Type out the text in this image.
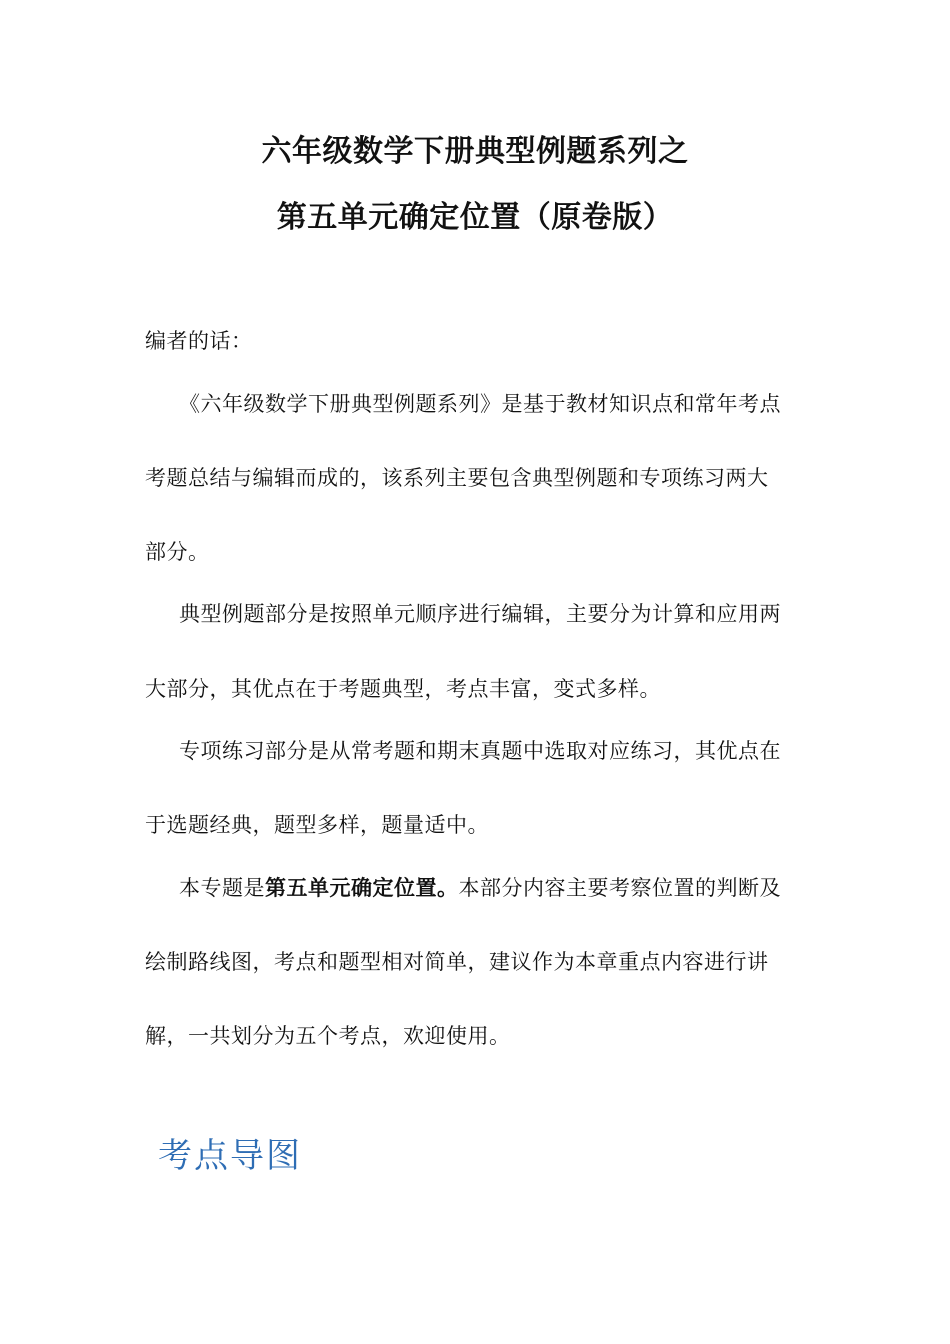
六年级数学下册典型例题系列之
第五单元确定位置（原卷版）
编者的话：
《六年级数学下册典型例题系列》是基于教材知识点和常年考点
考题总结与编辑而成的，该系列主要包含典型例题和专项练习两大
部分。
典型例题部分是按照单元顺序进行编辑，主要分为计算和应用两
大部分，其优点在于考题典型，考点丰富，变式多样。
专项练习部分是从常考题和期末真题中选取对应练习，其优点在
于选题经典，题型多样，题量适中。
本专题是第五单元确定位置。本部分内容主要考察位置的判断及
绘制路线图，考点和题型相对简单，建议作为本章重点内容进行讲
解，一共划分为五个考点，欢迎使用。
考点导图
